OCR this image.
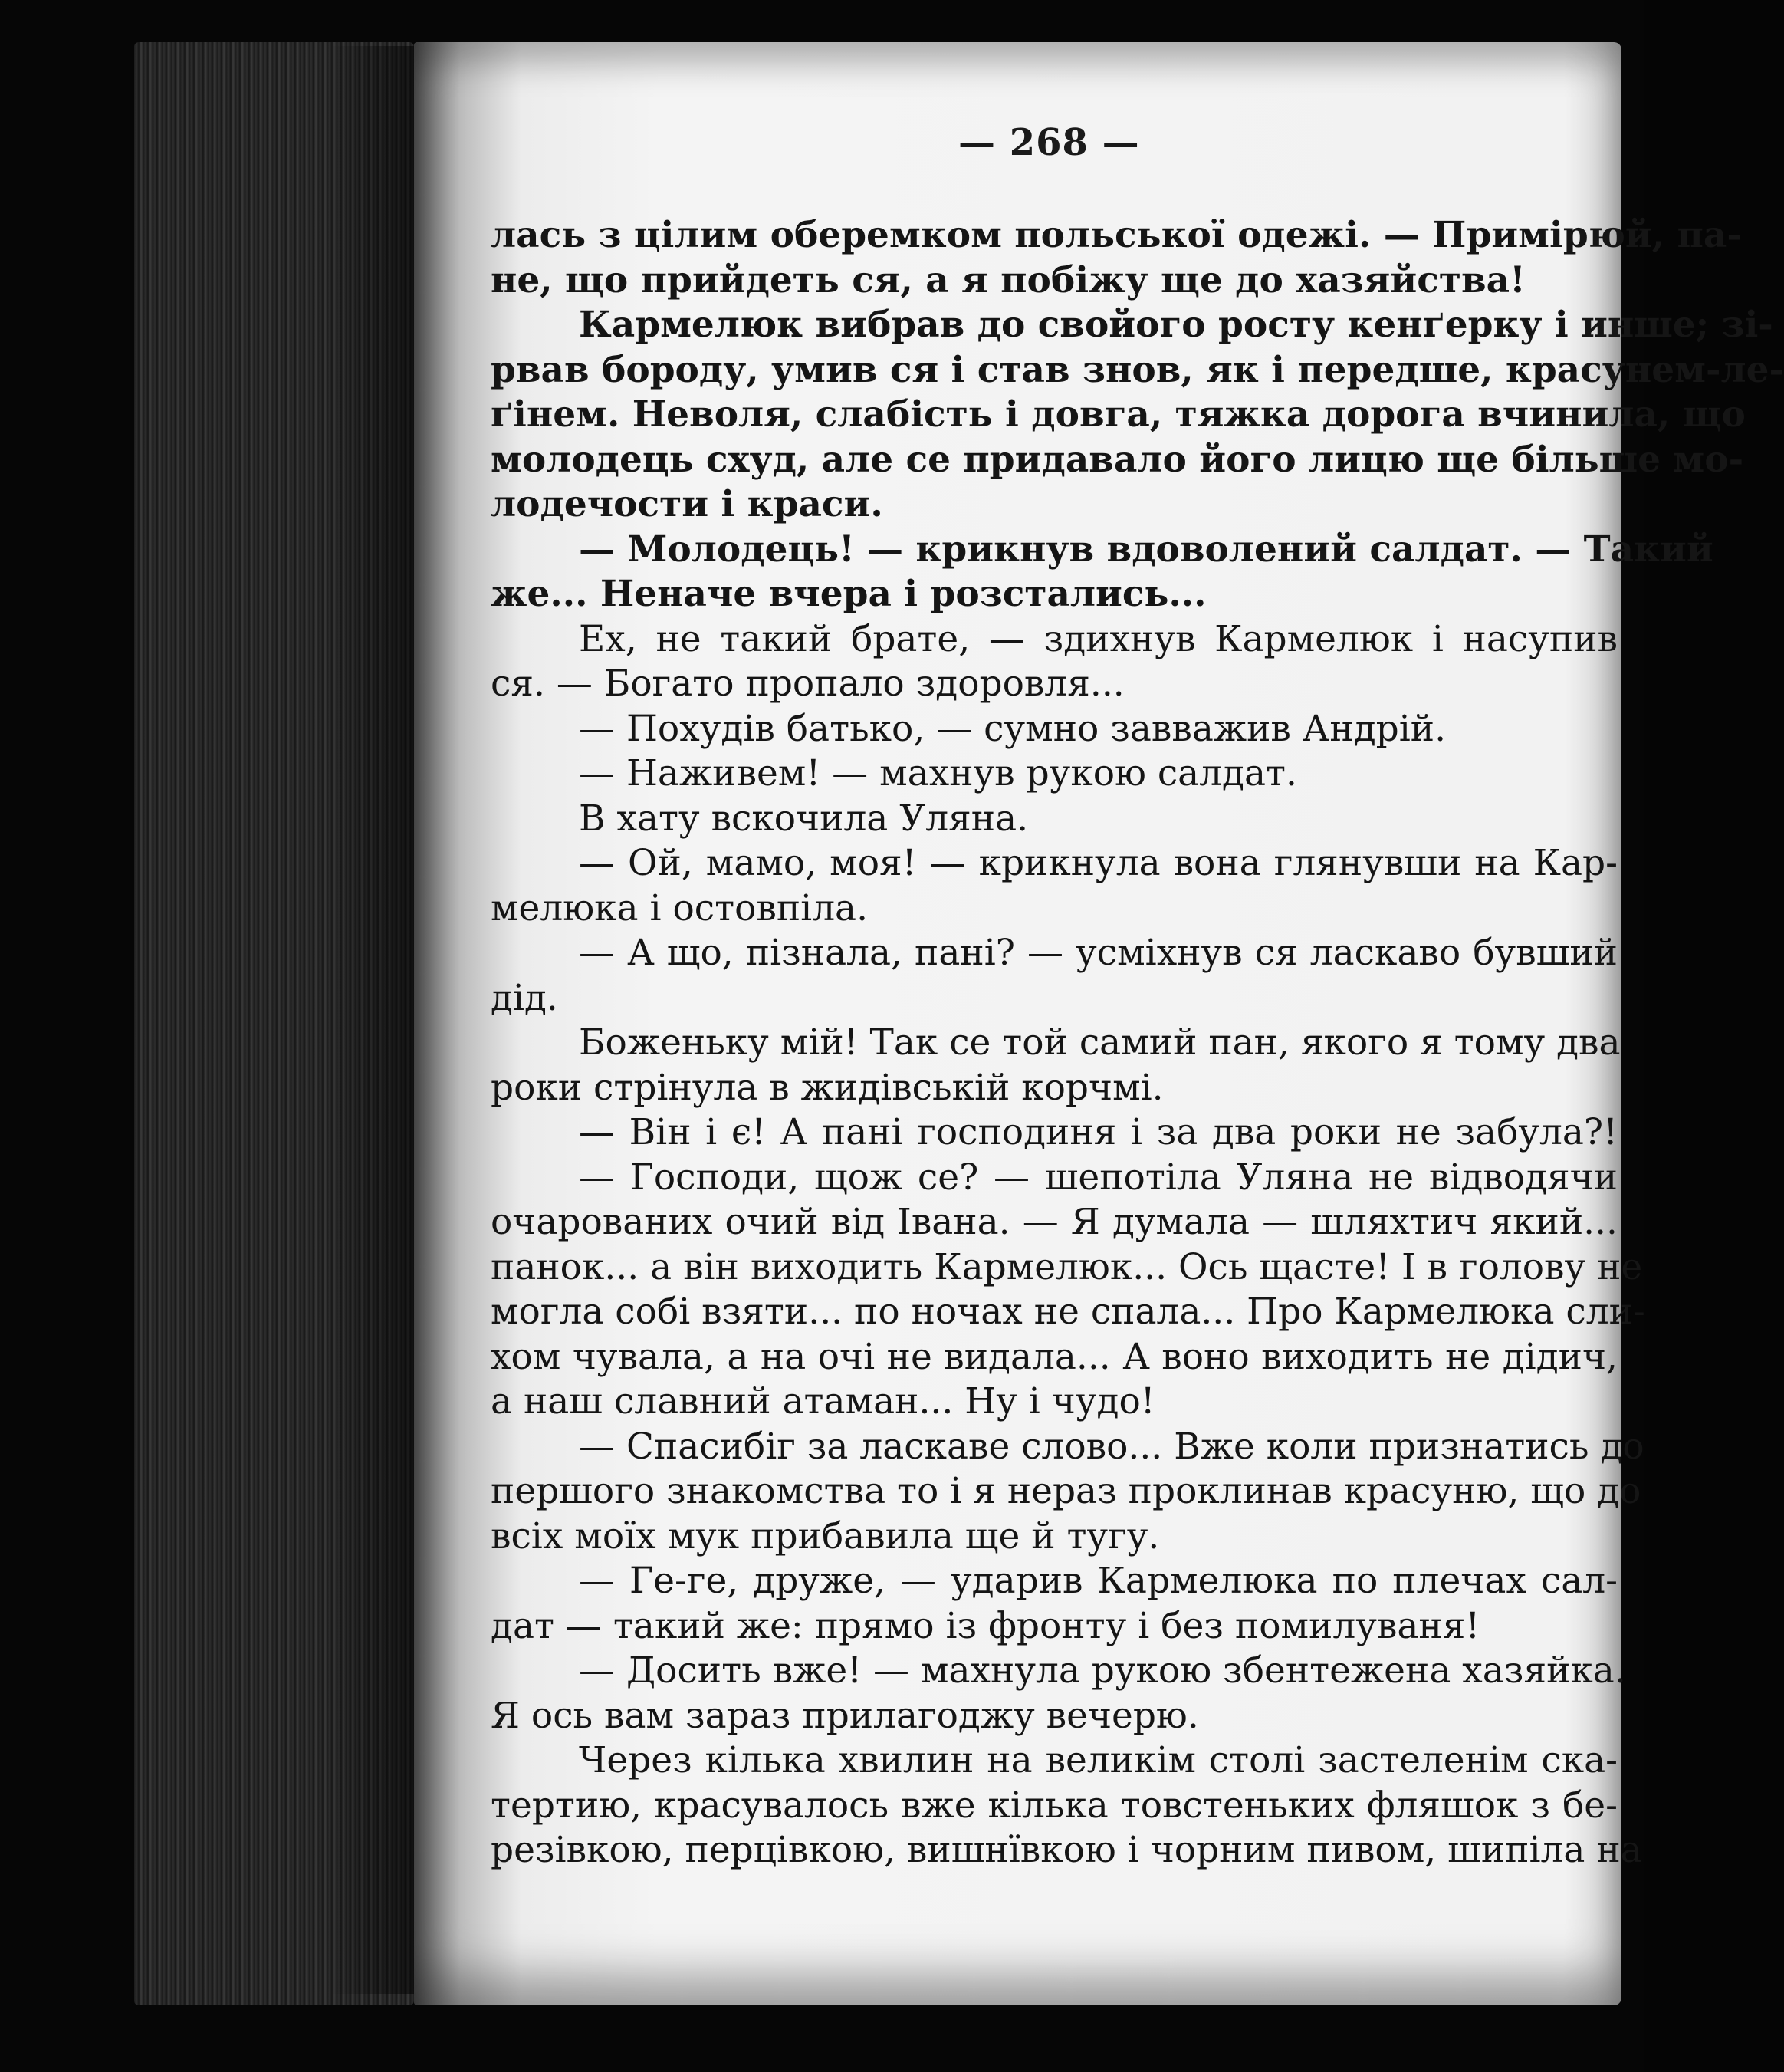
— 268 —
лась з цілим оберемком польської одежі. — Примірюй, па-
не, що прийдеть ся, а я побіжу ще до хазяйства!
Кармелюк вибрав до свойого росту кенґерку і инше; зі-
рвав бороду, умив ся і став знов, як і передше, красунем-ле-
ґінем. Неволя, слабість і довга, тяжка дорога вчинила, що
молодець схуд, але се придавало його лицю ще більше мо-
лодечости і краси.
— Молодець! — крикнув вдоволений салдат. — Такий
же... Неначе вчера і розстались...
Ех, не такий брате, — здихнув Кармелюк і насупив
ся. — Богато пропало здоровля...
— Похудів батько, — сумно завважив Андрій.
— Наживем! — махнув рукою салдат.
В хату вскочила Уляна.
— Ой, мамо, моя! — крикнула вона глянувши на Кар-
мелюка і остовпіла.
— А що, пізнала, пані? — усміхнув ся ласкаво бувший
дід.
Боженьку мій! Так се той самий пан, якого я тому два
роки стрінула в жидівській корчмі.
— Він і є! А пані господиня і за два роки не забула?!
— Господи, щож се? — шепотіла Уляна не відводячи
очарованих очий від Івана. — Я думала — шляхтич який...
панок... а він виходить Кармелюк... Ось щасте! І в голову не
могла собі взяти... по ночах не спала... Про Кармелюка сли-
хом чувала, а на очі не видала... А воно виходить не дідич,
а наш славний атаман... Ну і чудо!
— Спасибіг за ласкаве слово... Вже коли признатись до
першого знакомства то і я нераз проклинав красуню, що до
всіх моїх мук прибавила ще й тугу.
— Ге-ге, друже, — ударив Кармелюка по плечах сал-
дат — такий же: прямо із фронту і без помилуваня!
— Досить вже! — махнула рукою збентежена хазяйка.
Я ось вам зараз прилагоджу вечерю.
Через кілька хвилин на великім столі застеленім ска-
тертию, красувалось вже кілька товстеньких фляшок з бе-
резівкою, перцівкою, вишнївкою і чорним пивом, шипіла на
